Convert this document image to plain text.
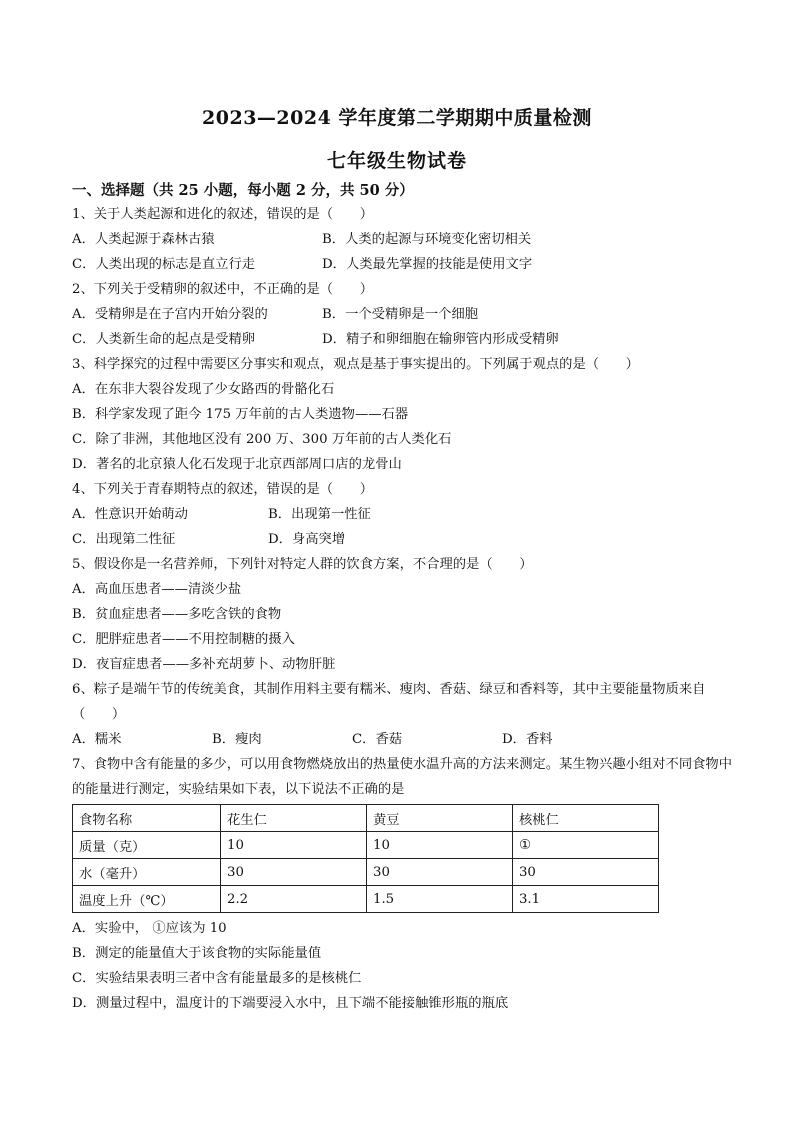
2023—2024 学年度第二学期期中质量检测
七年级生物试卷
一、选择题（共 25 小题，每小题 2 分，共 50 分）
1、关于人类起源和进化的叙述，错误的是（　　）
A．人类起源于森林古猿	B．人类的起源与环境变化密切相关
C．人类出现的标志是直立行走	D．人类最先掌握的技能是使用文字
2、下列关于受精卵的叙述中，不正确的是（　　）
A．受精卵是在子宫内开始分裂的	B．一个受精卵是一个细胞
C．人类新生命的起点是受精卵	D．精子和卵细胞在输卵管内形成受精卵
3、科学探究的过程中需要区分事实和观点，观点是基于事实提出的。下列属于观点的是（　　）
A．在东非大裂谷发现了少女路西的骨骼化石
B．科学家发现了距今 175 万年前的古人类遗物——石器
C．除了非洲，其他地区没有 200 万、300 万年前的古人类化石
D．著名的北京猿人化石发现于北京西部周口店的龙骨山
4、下列关于青春期特点的叙述，错误的是（　　）
A．性意识开始萌动	B．出现第一性征
C．出现第二性征	D．身高突增
5、假设你是一名营养师，下列针对特定人群的饮食方案，不合理的是（　　）
A．高血压患者——清淡少盐
B．贫血症患者——多吃含铁的食物
C．肥胖症患者——不用控制糖的摄入
D．夜盲症患者——多补充胡萝卜、动物肝脏
6、粽子是端午节的传统美食，其制作用料主要有糯米、瘦肉、香菇、绿豆和香料等，其中主要能量物质来自（　　）
A．糯米	B．瘦肉	C．香菇	D．香料
7、食物中含有能量的多少，可以用食物燃烧放出的热量使水温升高的方法来测定。某生物兴趣小组对不同食物中的能量进行测定，实验结果如下表，以下说法不正确的是
食物名称	花生仁	黄豆	核桃仁
质量（克）	10	10	①
水（毫升）	30	30	30
温度上升（℃）	2.2	1.5	3.1
A．实验中， ①应该为 10
B．测定的能量值大于该食物的实际能量值
C．实验结果表明三者中含有能量最多的是核桃仁
D．测量过程中，温度计的下端要浸入水中，且下端不能接触锥形瓶的瓶底
